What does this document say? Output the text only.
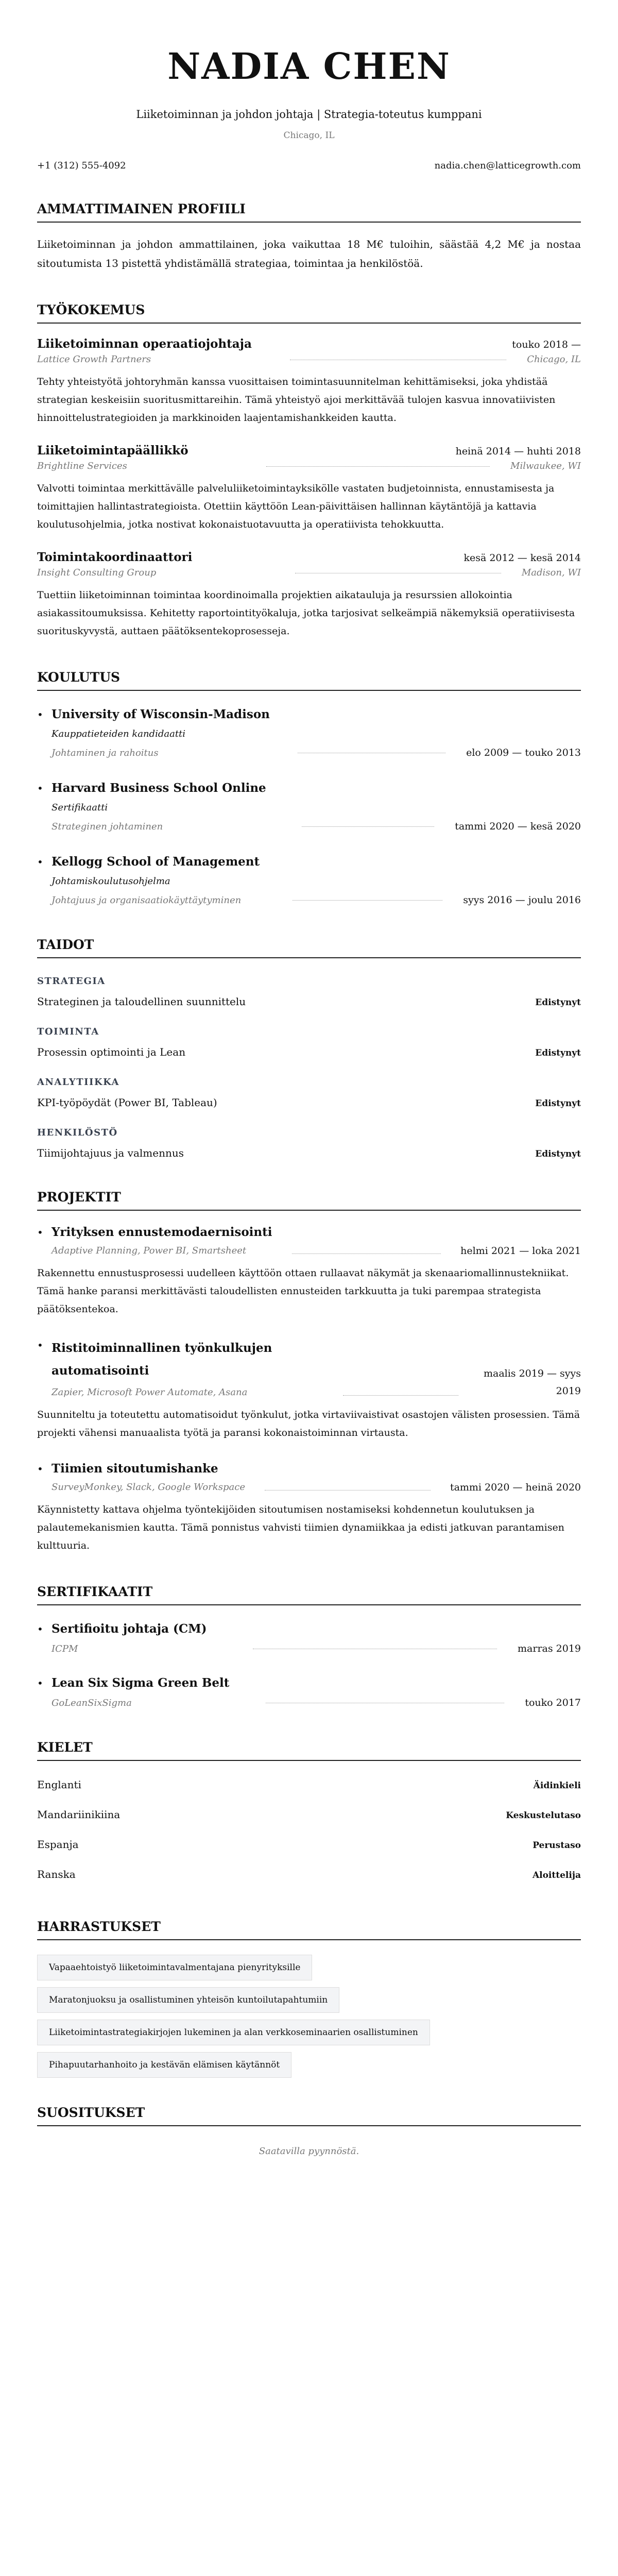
NADIA CHEN
Liiketoiminnan ja johdon johtaja | Strategia-toteutus kumppani
Chicago, IL
+1 (312) 555-4092	nadia.chen@latticegrowth.com
AMMATTIMAINEN PROFIILI

Liiketoiminnan ja johdon ammattilainen, joka vaikuttaa 18 M€ tuloihin, säästää 4,2 M€ ja nostaa sitoutumista 13 pistettä yhdistämällä strategiaa, toimintaa ja henkilöstöä.

TYÖKOKEMUS
Liiketoiminnan operaatiojohtaja	touko 2018 —
Lattice Growth Partners	Chicago, IL
Tehty yhteistyötä johtoryhmän kanssa vuosittaisen toimintasuunnitelman kehittämiseksi, joka yhdistää strategian keskeisiin suoritusmittareihin. Tämä yhteistyö ajoi merkittävää tulojen kasvua innovatiivisten hinnoittelustrategioiden ja markkinoiden laajentamishankkeiden kautta.
Liiketoimintapäällikkö	heinä 2014 — huhti 2018
Brightline Services	Milwaukee, WI
Valvotti toimintaa merkittävälle palveluliiketoimintayksikölle vastaten budjetoinnista, ennustamisesta ja toimittajien hallintastrategioista. Otettiin käyttöön Lean-päivittäisen hallinnan käytäntöjä ja kattavia koulutusohjelmia, jotka nostivat kokonaistuotavuutta ja operatiivista tehokkuutta.
Toimintakoordinaattori	kesä 2012 — kesä 2014
Insight Consulting Group	Madison, WI
Tuettiin liiketoiminnan toimintaa koordinoimalla projektien aikatauluja ja resurssien allokointia asiakassitoumuksissa. Kehitetty raportointityökaluja, jotka tarjosivat selkeämpiä näkemyksiä operatiivisesta suorituskyvystä, auttaen päätöksentekoprosesseja.
KOULUTUS
• University of Wisconsin-Madison
Kauppatieteiden kandidaatti
Johtaminen ja rahoitus	elo 2009 — touko 2013
• Harvard Business School Online
Sertifikaatti
Strateginen johtaminen	tammi 2020 — kesä 2020
• Kellogg School of Management
Johtamiskoulutusohjelma
Johtajuus ja organisaatiokäyttäytyminen	syys 2016 — joulu 2016
TAIDOT
STRATEGIA
Strateginen ja taloudellinen suunnittelu	Edistynyt
TOIMINTA
Prosessin optimointi ja Lean	Edistynyt
ANALYTIIKKA
KPI-työpöydät (Power BI, Tableau)	Edistynyt
HENKILÖSTÖ
Tiimijohtajuus ja valmennus	Edistynyt
PROJEKTIT
• Yrityksen ennustemodaernisointi
Adaptive Planning, Power BI, Smartsheet	helmi 2021 — loka 2021
Rakennettu ennustusprosessi uudelleen käyttöön ottaen rullaavat näkymät ja skenaariomallinnustekniikat. Tämä hanke paransi merkittävästi taloudellisten ennusteiden tarkkuutta ja tuki parempaa strategista päätöksentekoa.
• Ristitoiminnallinen työnkulkujen automatisointi
Zapier, Microsoft Power Automate, Asana
maalis 2019 — syys 2019
Suunniteltu ja toteutettu automatisoidut työnkulut, jotka virtaviivaistivat osastojen välisten prosessien. Tämä projekti vähensi manuaalista työtä ja paransi kokonaistoiminnan virtausta.
• Tiimien sitoutumishanke
SurveyMonkey, Slack, Google Workspace	tammi 2020 — heinä 2020
Käynnistetty kattava ohjelma työntekijöiden sitoutumisen nostamiseksi kohdennetun koulutuksen ja palautemekanismien kautta. Tämä ponnistus vahvisti tiimien dynamiikkaa ja edisti jatkuvan parantamisen kulttuuria.
SERTIFIKAATIT
• Sertifioitu johtaja (CM)
ICPM	marras 2019
• Lean Six Sigma Green Belt
GoLeanSixSigma	touko 2017
KIELET
Englanti	Äidinkieli
Mandariinikiina	Keskustelutaso
Espanja	Perustaso
Ranska	Aloittelija
HARRASTUKSET
Vapaaehtoistyö liiketoimintavalmentajana pienyrityksille
Maratonjuoksu ja osallistuminen yhteisön kuntoilutapahtumiin
Liiketoimintastrategiakirjojen lukeminen ja alan verkkoseminaarien osallistuminen
Pihapuutarhanhoito ja kestävän elämisen käytännöt
SUOSITUKSET
Saatavilla pyynnöstä.
